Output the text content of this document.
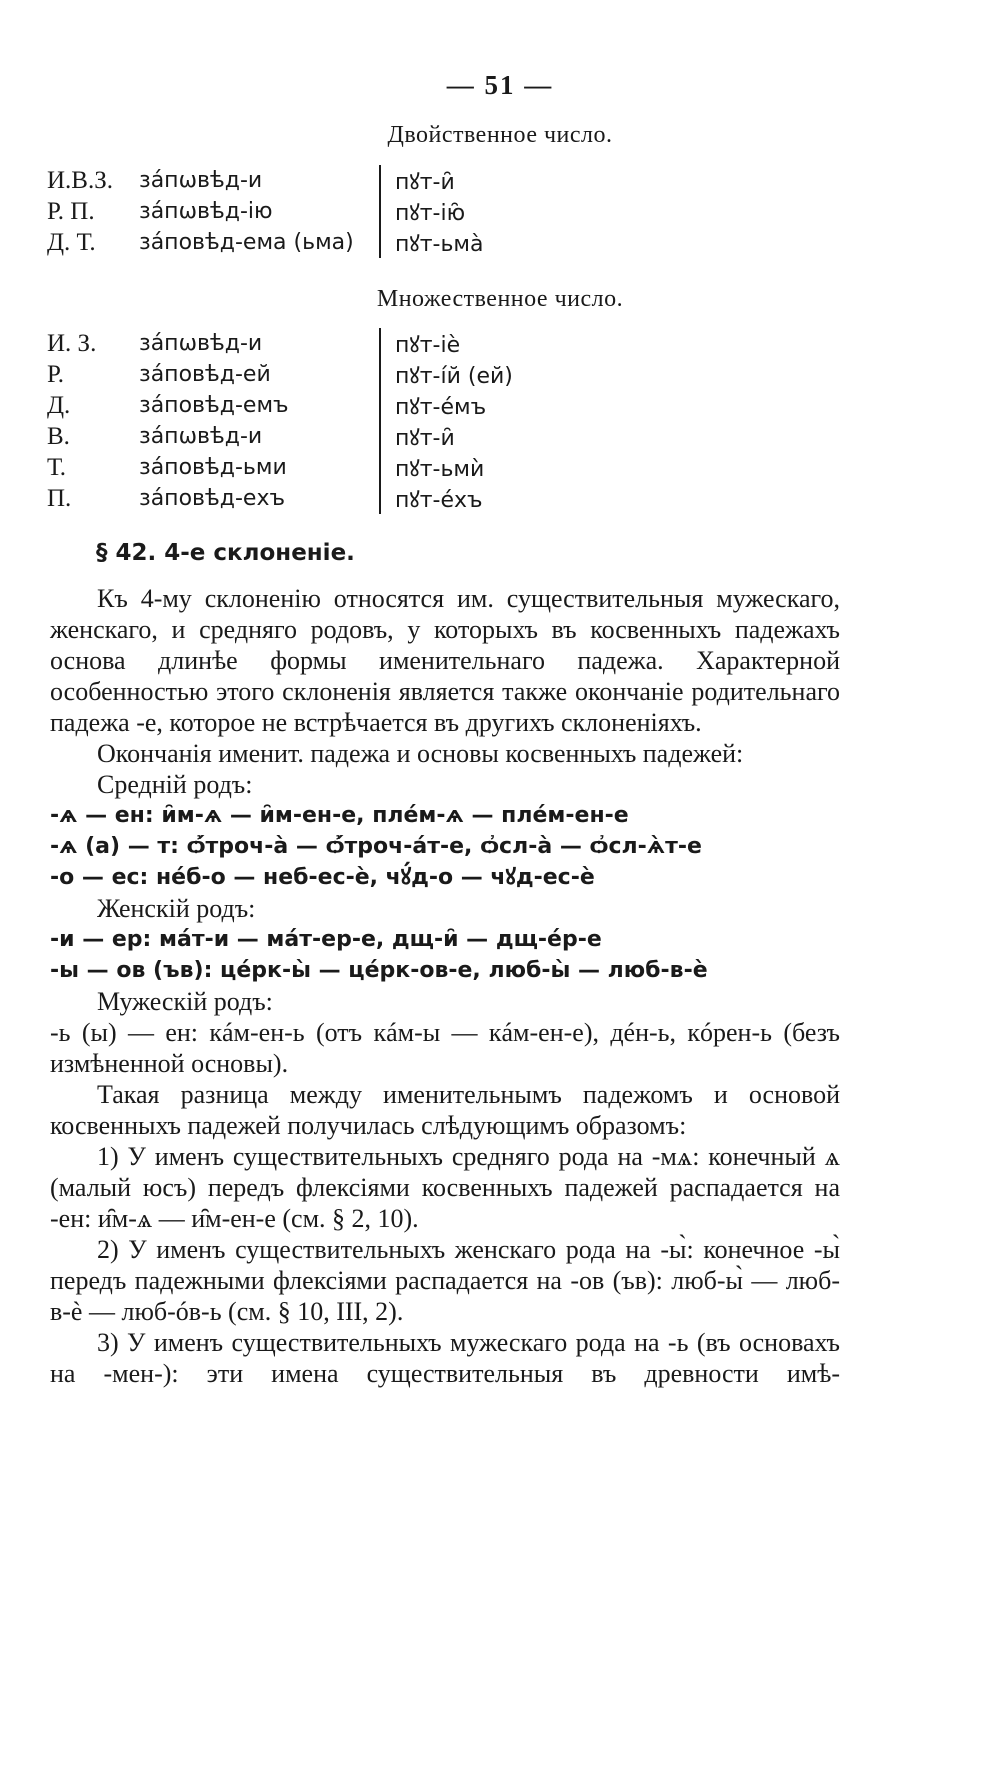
— 51 —
Двойственное число.
И.В.З.	зáпωвѣд-и	пꙋт-и̑
Р. П.	зáпωвѣд-ію	пꙋт-ію̑
Д. Т.	зáповѣд-ема (ьма)	пꙋт-ьма̀
Множественное число.
И. З.	зáпωвѣд-и	пꙋт-іѐ
Р.	зáповѣд-ей	пꙋт-íй (ей)
Д.	зáповѣд-емъ	пꙋт-éмъ
В.	зáпωвѣд-и	пꙋт-и̑
Т.	зáповѣд-ьми	пꙋт-ьмѝ
П.	зáповѣд-ехъ	пꙋт-éхъ
§ 42. 4-е склоненіе.

Къ 4-му склоненію относятся им. существительныя мужескаго, женскаго, и средняго родовъ, у которыхъ въ косвенныхъ падежахъ основа длинѣе формы именительнаго падежа. Характерной особенностью этого склоненія является также окончаніе родительнаго падежа -е, которое не встрѣчается въ другихъ склоненіяхъ.

Окончанія именит. падежа и основы косвенныхъ падежей:

Средній родъ:

-ѧ — ен: и̑м-ѧ — и̑м-ен-е, плéм-ѧ — плéм-ен-е

-ѧ (а) — т: ѻ҆́троч-а̀ — ѻ҆́троч-áт-е, ѻ҆сл-а̀ — ѻ҆сл-ѧ̀т-е

-о — ес: нéб-о — неб-ес-ѐ, чꙋ́д-о — чꙋд-ес-ѐ

Женскій родъ:

-и — ер: мáт-и — мáт-ер-е, дщ-и̑ — дщ-éр-е

-ы — ов (ъв): цéрк-ы̀ — цéрк-ов-е, люб-ы̀ — люб-в-ѐ

Мужескій родъ:

-ь (ы) — ен: кáм-ен-ь (отъ кáм-ы — кáм-ен-е), дéн-ь, кóрен-ь (безъ измѣненной основы).

Такая разница между именительнымъ падежомъ и основой косвенныхъ падежей получилась слѣдующимъ образомъ:

1) У именъ существительныхъ средняго рода на -мѧ: конечный ѧ (малый юсъ) передъ флексіями косвенныхъ падежей распадается на -ен: и̑м-ѧ — и̑м-ен-е (см. § 2, 10).

2) У именъ существительныхъ женскаго рода на -ы̀: конечное -ы̀ передъ падежными флексіями распадается на -ов (ъв): люб-ы̀ — люб-в-ѐ — люб-óв-ь (см. § 10, III, 2).

3) У именъ существительныхъ мужескаго рода на -ь (въ основахъ на -мен-): эти имена существительныя въ древности имѣ-
